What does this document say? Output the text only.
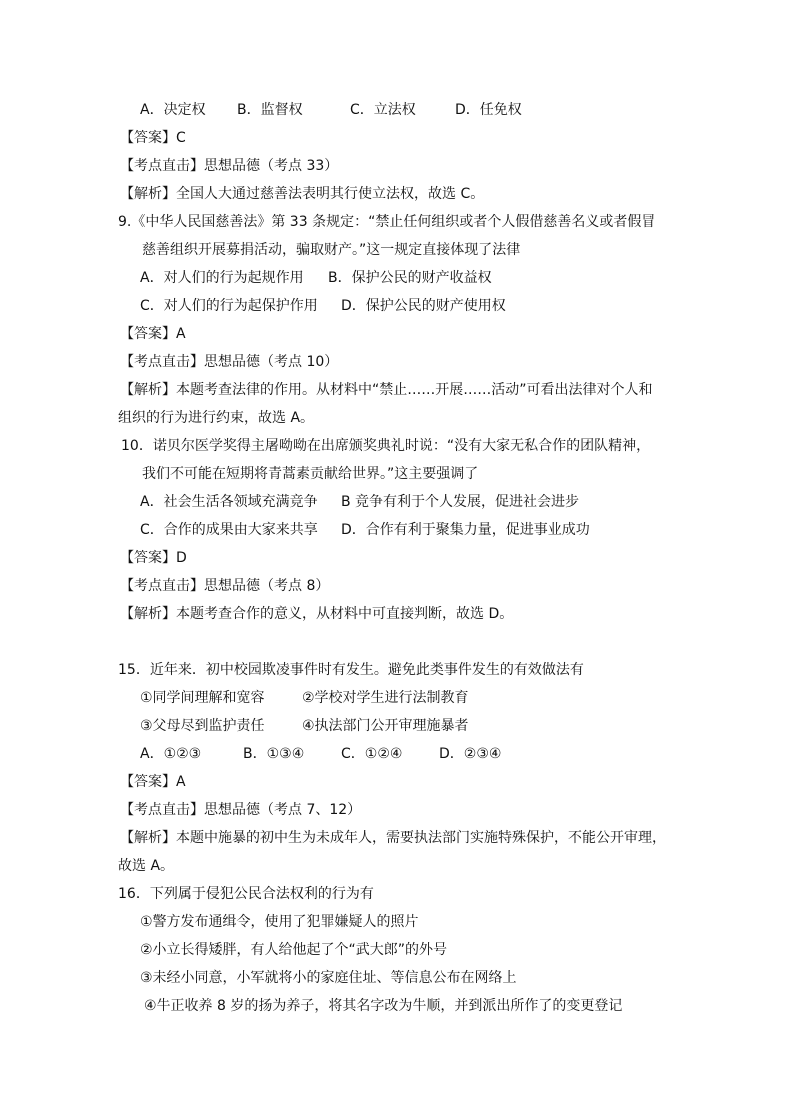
A．决定权 B．监督权	C．立法权	D．任免权
【答案】C
【考点直击】思想品德（考点 33）
【解析】全国人大通过慈善法表明其行使立法权，故选 C。
9.《中华人民国慈善法》第 33 条规定：“禁止任何组织或者个人假借慈善名义或者假冒
慈善组织开展募捐活动，骗取财产。”这一规定直接体现了法律
A．对人们的行为起规作用 B．保护公民的财产收益权
C．对人们的行为起保护作用 D．保护公民的财产使用权
【答案】A
【考点直击】思想品德（考点 10）
【解析】本题考查法律的作用。从材料中“禁止……开展……活动”可看出法律对个人和
组织的行为进行约束，故选 A。
10．诺贝尔医学奖得主屠呦呦在出席颁奖典礼时说：“没有大家无私合作的团队精神，
我们不可能在短期将青蒿素贡献给世界。”这主要强调了
A．社会生活各领域充满竞争 B 竞争有利于个人发展，促进社会进步
C．合作的成果由大家来共享 D．合作有利于聚集力量，促进事业成功
【答案】D
【考点直击】思想品德（考点 8）
【解析】本题考查合作的意义，从材料中可直接判断，故选 D。
15．近年来．初中校园欺凌事件时有发生。避免此类事件发生的有效做法有
①同学间理解和宽容	②学校对学生进行法制教育
③父母尽到监护责任	④执法部门公开审理施暴者
A．①②③	B．①③④	C．①②④	D．②③④
【答案】A
【考点直击】思想品德（考点 7、12）
【解析】本题中施暴的初中生为未成年人，需要执法部门实施特殊保护，不能公开审理，
故选 A。
16．下列属于侵犯公民合法权利的行为有
①警方发布通缉令，使用了犯罪嫌疑人的照片
②小立长得矮胖，有人给他起了个“武大郎”的外号
③未经小同意，小军就将小的家庭住址、等信息公布在网络上
④牛正收养 8 岁的扬为养子，将其名字改为牛顺，并到派出所作了的变更登记
